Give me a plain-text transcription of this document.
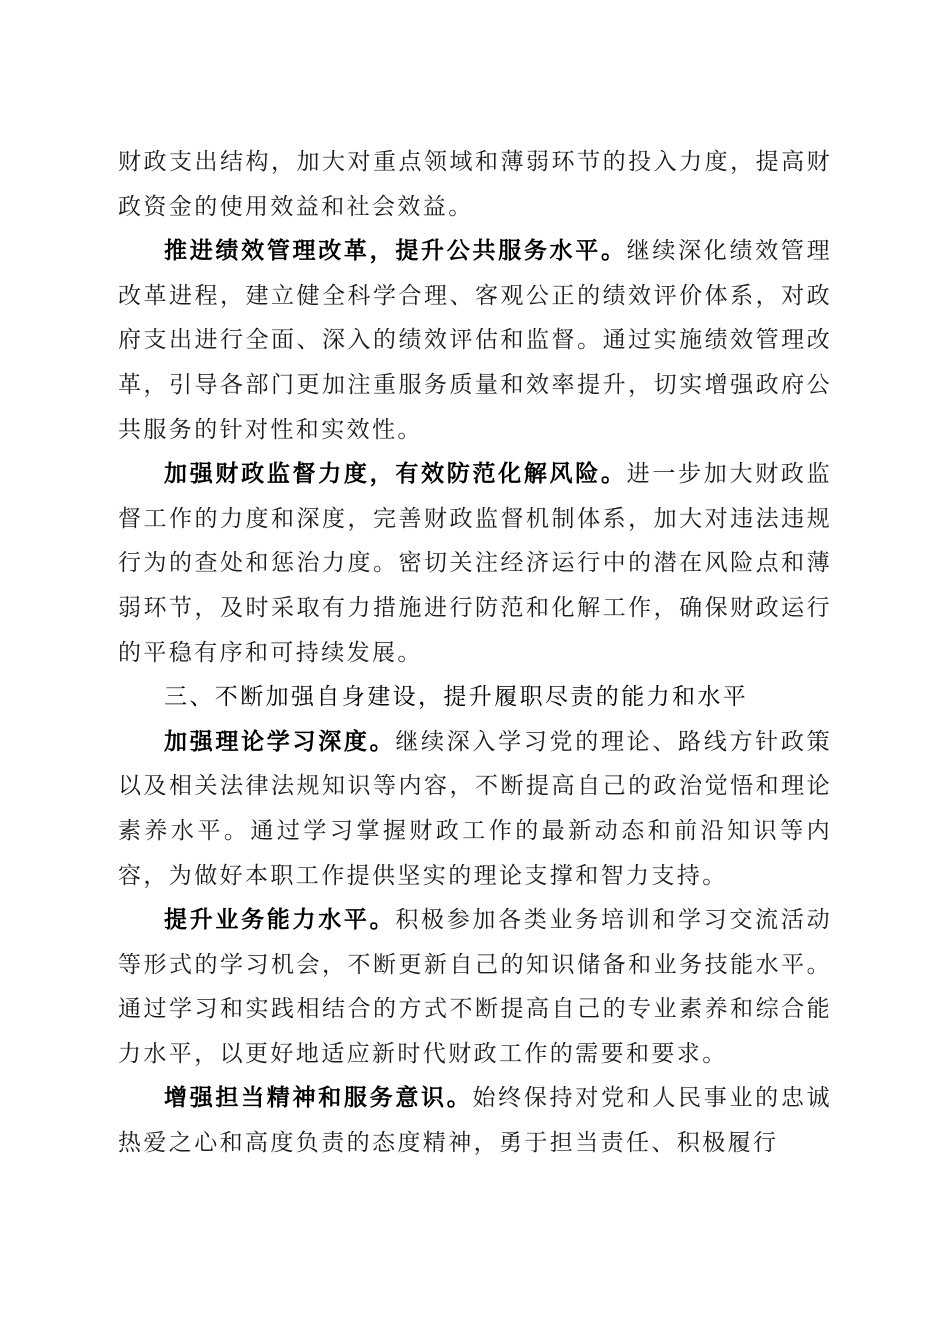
财政支出结构，加大对重点领域和薄弱环节的投入力度，提高财政资金的使用效益和社会效益。

推进绩效管理改革，提升公共服务水平。继续深化绩效管理改革进程，建立健全科学合理、客观公正的绩效评价体系，对政府支出进行全面、深入的绩效评估和监督。通过实施绩效管理改革，引导各部门更加注重服务质量和效率提升，切实增强政府公共服务的针对性和实效性。

加强财政监督力度，有效防范化解风险。进一步加大财政监督工作的力度和深度，完善财政监督机制体系，加大对违法违规行为的查处和惩治力度。密切关注经济运行中的潜在风险点和薄弱环节，及时采取有力措施进行防范和化解工作，确保财政运行的平稳有序和可持续发展。

三、不断加强自身建设，提升履职尽责的能力和水平

加强理论学习深度。继续深入学习党的理论、路线方针政策以及相关法律法规知识等内容，不断提高自己的政治觉悟和理论素养水平。通过学习掌握财政工作的最新动态和前沿知识等内容，为做好本职工作提供坚实的理论支撑和智力支持。

提升业务能力水平。积极参加各类业务培训和学习交流活动等形式的学习机会，不断更新自己的知识储备和业务技能水平。通过学习和实践相结合的方式不断提高自己的专业素养和综合能力水平，以更好地适应新时代财政工作的需要和要求。

增强担当精神和服务意识。始终保持对党和人民事业的忠诚热爱之心和高度负责的态度精神，勇于担当责任、积极履行
